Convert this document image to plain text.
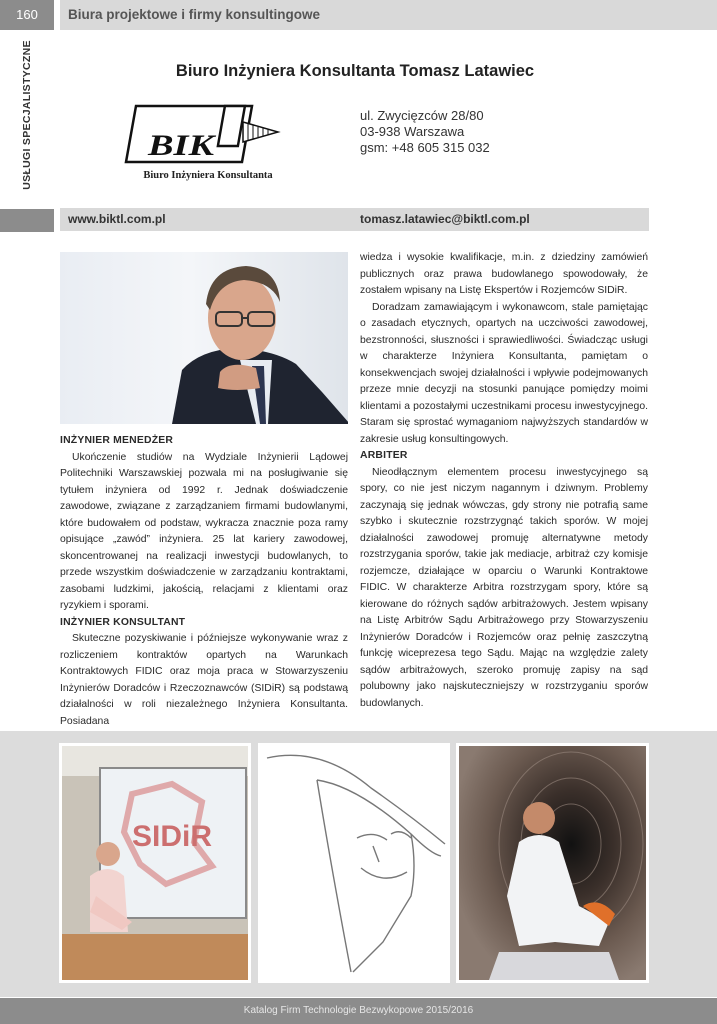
160	Biura projektowe i firmy konsultingowe
USŁUGI SPECJALISTYCZNE	Biuro Inżyniera Konsultanta Tomasz Latawiec
BIK
Biuro Inżyniera Konsultanta
ul. Zwycięzców 28/80
03-938 Warszawa
gsm: +48 605 315 032
www.biktl.com.pl	tomasz.latawiec@biktl.com.pl
INŻYNIER MENEDŻER

Ukończenie studiów na Wydziale Inżynierii Lądowej Politechniki Warszawskiej pozwala mi na posługiwanie się tytułem inżyniera od 1992 r. Jednak doświadczenie zawodowe, związane z zarządzaniem firmami budowlanymi, które budowałem od podstaw, wykracza znacznie poza ramy opisujące „zawód” inżyniera. 25 lat kariery zawodowej, skoncentrowanej na realizacji inwestycji budowlanych, to przede wszystkim doświadczenie w zarządzaniu kontraktami, zasobami ludzkimi, jakością, relacjami z klientami oraz ryzykiem i sporami.

INŻYNIER KONSULTANT

Skuteczne pozyskiwanie i późniejsze wykonywanie wraz z rozliczeniem kontraktów opartych na Warunkach Kontraktowych FIDIC oraz moja praca w Stowarzyszeniu Inżynierów Doradców i Rzeczoznawców (SIDiR) są podstawą działalności w roli niezależnego Inżyniera Konsultanta. Posiadana

wiedza i wysokie kwalifikacje, m.in. z dziedziny zamówień publicznych oraz prawa budowlanego spowodowały, że zostałem wpisany na Listę Ekspertów i Rozjemców SIDiR.

Doradzam zamawiającym i wykonawcom, stale pamiętając o zasadach etycznych, opartych na uczciwości zawodowej, bezstronności, słuszności i sprawiedliwości. Świadcząc usługi w charakterze Inżyniera Konsultanta, pamiętam o konsekwencjach swojej działalności i wpływie podejmowanych przeze mnie decyzji na stosunki panujące pomiędzy moimi klientami a pozostałymi uczestnikami procesu inwestycyjnego. Staram się sprostać wymaganiom najwyższych standardów w zakresie usług konsultingowych.

ARBITER

Nieodłącznym elementem procesu inwestycyjnego są spory, co nie jest niczym nagannym i dziwnym. Problemy zaczynają się jednak wówczas, gdy strony nie potrafią same szybko i skutecznie rozstrzygnąć takich sporów. W mojej działalności zawodowej promuję alternatywne metody rozstrzygania sporów, takie jak mediacje, arbitraż czy komisje rozjemcze, działające w oparciu o Warunki Kontraktowe FIDIC. W charakterze Arbitra rozstrzygam spory, które są kierowane do różnych sądów arbitrażowych. Jestem wpisany na Listę Arbitrów Sądu Arbitrażowego przy Stowarzyszeniu Inżynierów Doradców i Rozjemców oraz pełnię zaszczytną funkcję wiceprezesa tego Sądu. Mając na względzie zalety sądów arbitrażowych, szeroko promuję zapisy na sąd polubowny jako najskuteczniejszy w rozstrzyganiu sporów budowlanych.

SIDiR
Katalog Firm Technologie Bezwykopowe 2015/2016
